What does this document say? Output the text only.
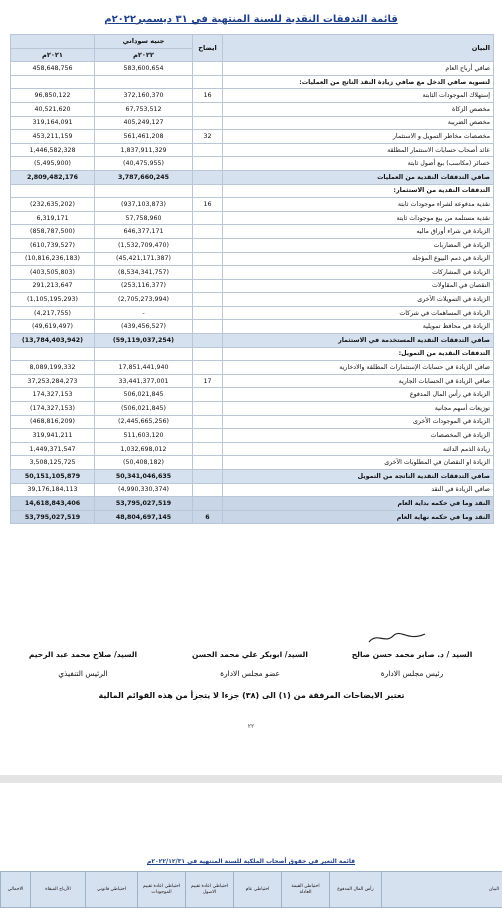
قائمة التدفقات النقدية للسنة المنتهية في ٣١ ديسمبر٢٠٢٢م
	جنيه سوداني	ايضاح	البيان
٢٠٢١م	٢٠٢٢م		
458,648,756	583,600,654		صافي أرباح العام
			لتسوية صافي الدخل مع صافي زيادة النقد الناتج من العمليات:
96,850,122	372,160,370	16	إستهلاك الموجودات الثابتة
40,521,620	67,753,512		مخصص الزكاة
319,164,091	405,249,127		مخصص الضريبة
453,211,159	561,461,208	32	مخصصات مخاطر التمويل و الاستثمار
1,446,582,328	1,837,911,329		عائد أصحاب حسابات الاستثمار المطلقة
(5,495,900)	(40,475,955)		خسائر (مكاسب) بيع أصول ثابتة
2,809,482,176	3,787,660,245		صافي التدفقات النقدية من العمليات
			التدفقات النقدية من الاستثمار:
(232,635,202)	(937,103,873)	16	نقدية مدفوعة لشراء موجودات ثابتة
6,319,171	57,758,960		نقدية مستلمة من بيع موجودات ثابتة
(858,787,500)	646,377,171		الزيادة في شراء أوراق ماليه
(610,739,527)	(1,532,709,470)		الزيادة في المضاربات
(10,816,236,183)	(45,421,171,387)		الزيادة في ذمم البيوع المؤجلة
(403,505,803)	(8,534,341,757)		الزيادة في المشاركات
291,213,647	(253,116,377)		النقصان في المقاولات
(1,105,195,293)	(2,705,273,994)		الزيادة في التمويلات الأخرى
(4,217,755)	-		الزيادة في المساهمات في شركات
(49,619,497)	(439,456,527)		الزيادة في محافظ تمويلية
(13,784,403,942)	(59,119,037,254)		صافي التدفقات النقدية المستخدمة في الاستثمار
			التدفقات النقدية من التمويل:
8,089,199,332	17,851,441,940		صافي الزيادة في حسابات الإستثمارات المطلقة والادخارية
37,253,284,273	33,441,377,001	17	صافي الزيادة في الحسابات الجارية
174,327,153	506,021,845		الزيادة في رأس المال المدفوع
(174,327,153)	(506,021,845)		توزيعات أسهم مجانية
(468,816,209)	(2,445,665,256)		الزيادة في الموجودات الأخرى
319,941,211	511,603,120		الزيادة في المخصصات
1,449,371,547	1,032,698,012		زيادة الذمم الدائنة
3,508,125,725	(50,408,182)		الزيادة او النقصان في المطلوبات الأخرى
50,151,105,879	50,341,046,635		صافي التدفقات النقدية الناتجة من التمويل
39,176,184,113	(4,990,330,374)		صافي الزيادة في النقد
14,618,843,406	53,795,027,519		النقد وما في حكمه بداية العام
53,795,027,519	48,804,697,145	6	النقد وما في حكمه نهاية العام
السيد / د. صابر محمد حسن صالح
رئيس مجلس الادارة
السيد/ ابوبكر علي محمد الحسن
عضو مجلس الادارة
السيد/ صلاح محمد عبد الرحيم
الرئيس التنفيذي
تعتبر الايضاحات المرفقة من (١) الى (٣٨) جزءا لا يتجزأ من هذه القوائم المالية
٢٢
قائمة التغير في حقوق أصحاب الملكية للسنة المنتهية في ٢٠٢٢/١٢/٣١م
الاجمالي	الأرباح المبقاة	احتياطي قانوني	احتياطي اعادة تقييم الموجودات	احتياطي اعادة تقييم الاصول	احتياطي عام	احتياطي القيمة العادلة	رأس المال المدفوع	البيان
